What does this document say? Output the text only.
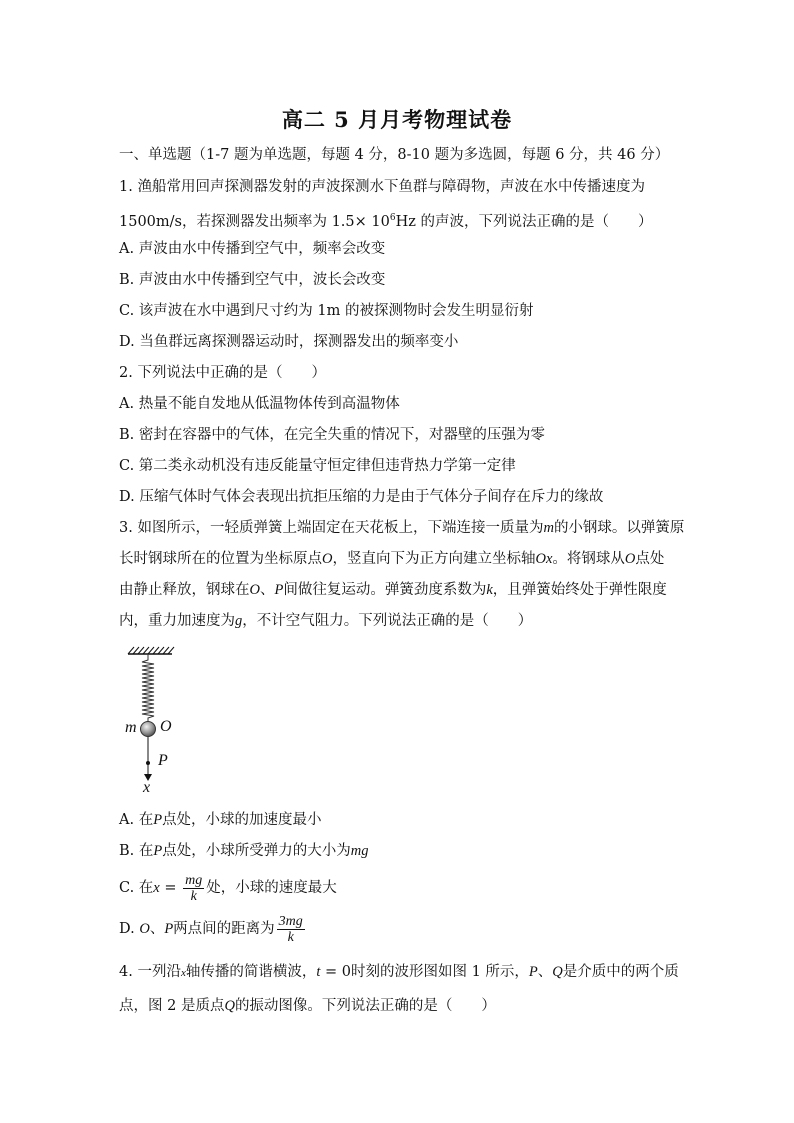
高二 5 月月考物理试卷
一、单选题（1-7 题为单选题，每题 4 分，8-10 题为多选圆，每题 6 分，共 46 分）
1. 渔船常用回声探测器发射的声波探测水下鱼群与障碍物，声波在水中传播速度为
1500m/s，若探测器发出频率为 $1.5\times 10^6Hz$ 的声波，下列说法正确的是（　　）
A. 声波由水中传播到空气中，频率会改变
B. 声波由水中传播到空气中，波长会改变
C. 该声波在水中遇到尺寸约为 1m 的被探测物时会发生明显衍射
D. 当鱼群远离探测器运动时，探测器发出的频率变小
2. 下列说法中正确的是（　　）
A. 热量不能自发地从低温物体传到高温物体
B. 密封在容器中的气体，在完全失重的情况下，对器壁的压强为零
C. 第二类永动机没有违反能量守恒定律但违背热力学第一定律
D. 压缩气体时气体会表现出抗拒压缩的力是由于气体分子间存在斥力的缘故
3. 如图所示，一轻质弹簧上端固定在天花板上，下端连接一质量为m的小钢球。以弹簧原
长时钢球所在的位置为坐标原点O，竖直向下为正方向建立坐标轴Ox。将钢球从O点处
由静止释放，钢球在O、P间做往复运动。弹簧劲度系数为k，且弹簧始终处于弹性限度
内，重力加速度为g，不计空气阻力。下列说法正确的是（　　）
m O
P
x
A. 在P点处，小球的加速度最小
B. 在P点处，小球所受弹力的大小为mg
C. 在$x = \frac{mg}{k}$ 处，小球的速度最大
D. O、P两点间的距离为 $\frac{3mg}{k}$
4. 一列沿x轴传播的简谐横波，t = 0时刻的波形图如图 1 所示，P、Q是介质中的两个质
点，图 2 是质点Q的振动图像。下列说法正确的是（　　）
